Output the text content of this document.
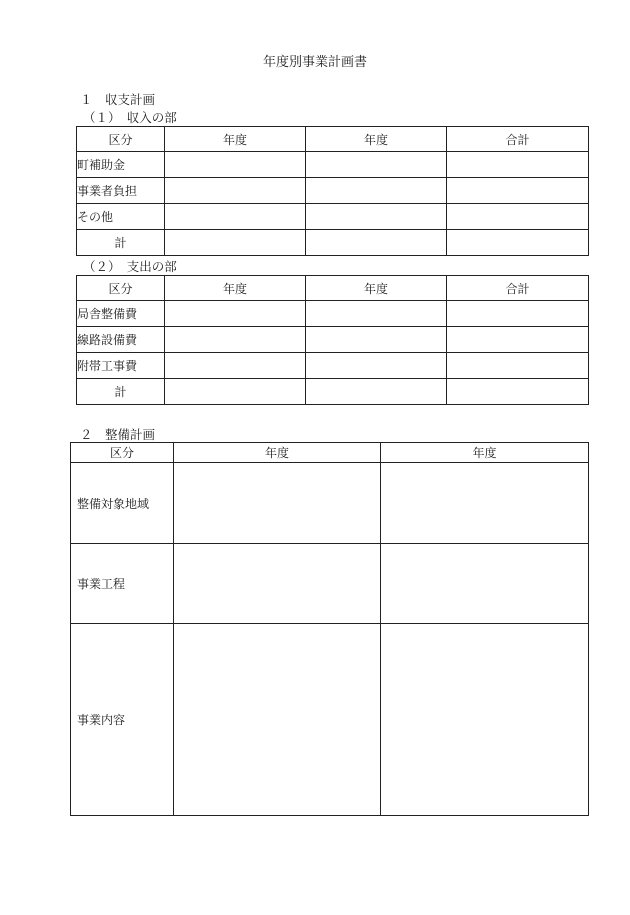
年度別事業計画書
１　収支計画
（１）　収入の部
区分	年度	年度	合計
町補助金			
事業者負担			
その他			
計			
（２）　支出の部
区分	年度	年度	合計
局舎整備費			
線路設備費			
附帯工事費			
計			
２　整備計画
区分	年度	年度
整備対象地域		
事業工程		
事業内容		
